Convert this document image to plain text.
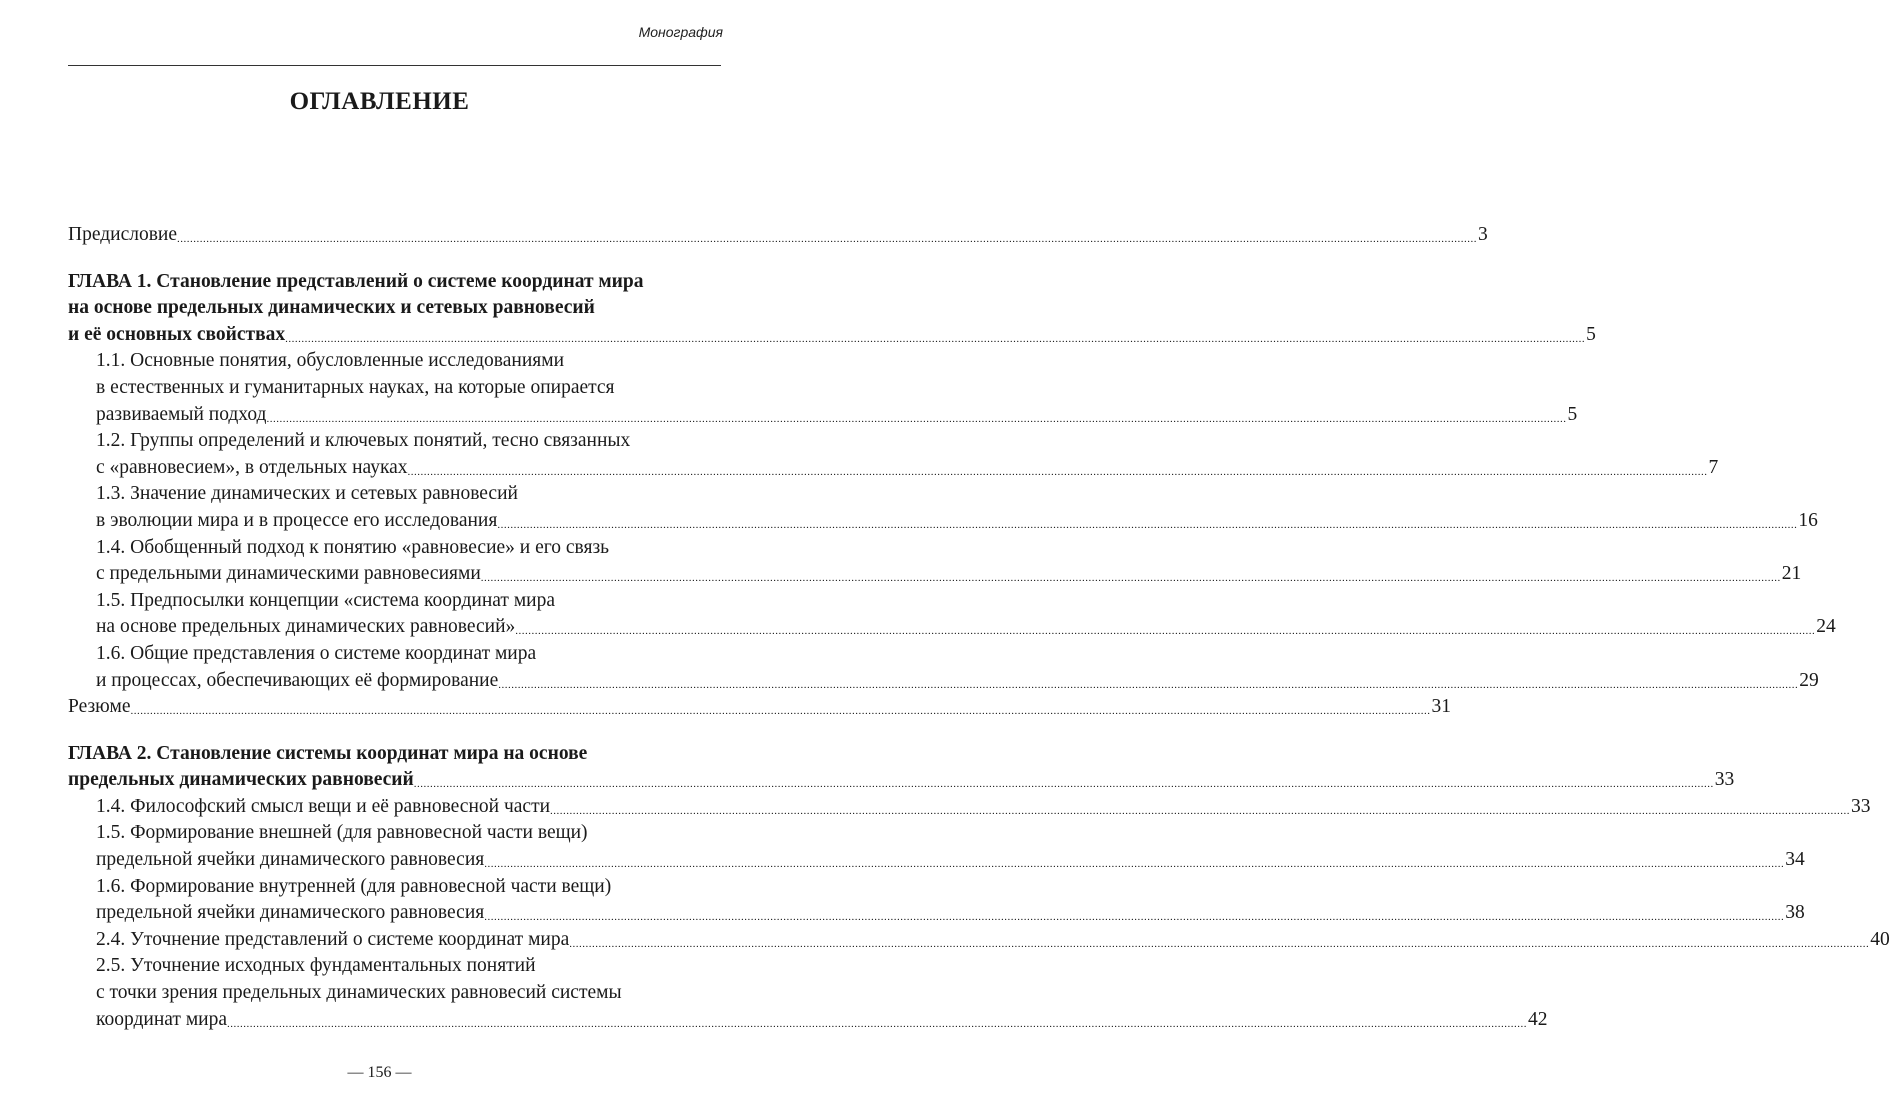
Монография
ОГЛАВЛЕНИЕ
Предисловие ................................................................................................................................................................................................................................................................................................................................................................................................................ 3
ГЛАВА 1. Становление представлений о системе координат мира
на основе предельных динамических и сетевых равновесий
и её основных свойствах ................................................................................................................................................................................................................................................................................................................................................................................................................ 5
1.1. Основные понятия, обусловленные исследованиями
в естественных и гуманитарных науках, на которые опирается
развиваемый подход ................................................................................................................................................................................................................................................................................................................................................................................................................ 5
1.2. Группы определений и ключевых понятий, тесно связанных
с «равновесием», в отдельных науках ................................................................................................................................................................................................................................................................................................................................................................................................................ 7
1.3. Значение динамических и сетевых равновесий
в эволюции мира и в процессе его исследования ................................................................................................................................................................................................................................................................................................................................................................................................................ 16
1.4. Обобщенный подход к понятию «равновесие» и его связь
с предельными динамическими равновесиями ................................................................................................................................................................................................................................................................................................................................................................................................................ 21
1.5. Предпосылки концепции «система координат мира
на основе предельных динамических равновесий» ................................................................................................................................................................................................................................................................................................................................................................................................................ 24
1.6. Общие представления о системе координат мира
и процессах, обеспечивающих её формирование ................................................................................................................................................................................................................................................................................................................................................................................................................ 29
Резюме ................................................................................................................................................................................................................................................................................................................................................................................................................ 31
ГЛАВА 2. Становление системы координат мира на основе
предельных динамических равновесий ................................................................................................................................................................................................................................................................................................................................................................................................................ 33
1.4. Философский смысл вещи и её равновесной части ................................................................................................................................................................................................................................................................................................................................................................................................................ 33
1.5. Формирование внешней (для равновесной части вещи)
предельной ячейки динамического равновесия ................................................................................................................................................................................................................................................................................................................................................................................................................ 34
1.6. Формирование внутренней (для равновесной части вещи)
предельной ячейки динамического равновесия ................................................................................................................................................................................................................................................................................................................................................................................................................ 38
2.4. Уточнение представлений о системе координат мира ................................................................................................................................................................................................................................................................................................................................................................................................................ 40
2.5. Уточнение исходных фундаментальных понятий
с точки зрения предельных динамических равновесий системы
координат мира ................................................................................................................................................................................................................................................................................................................................................................................................................ 42
— 156 —
